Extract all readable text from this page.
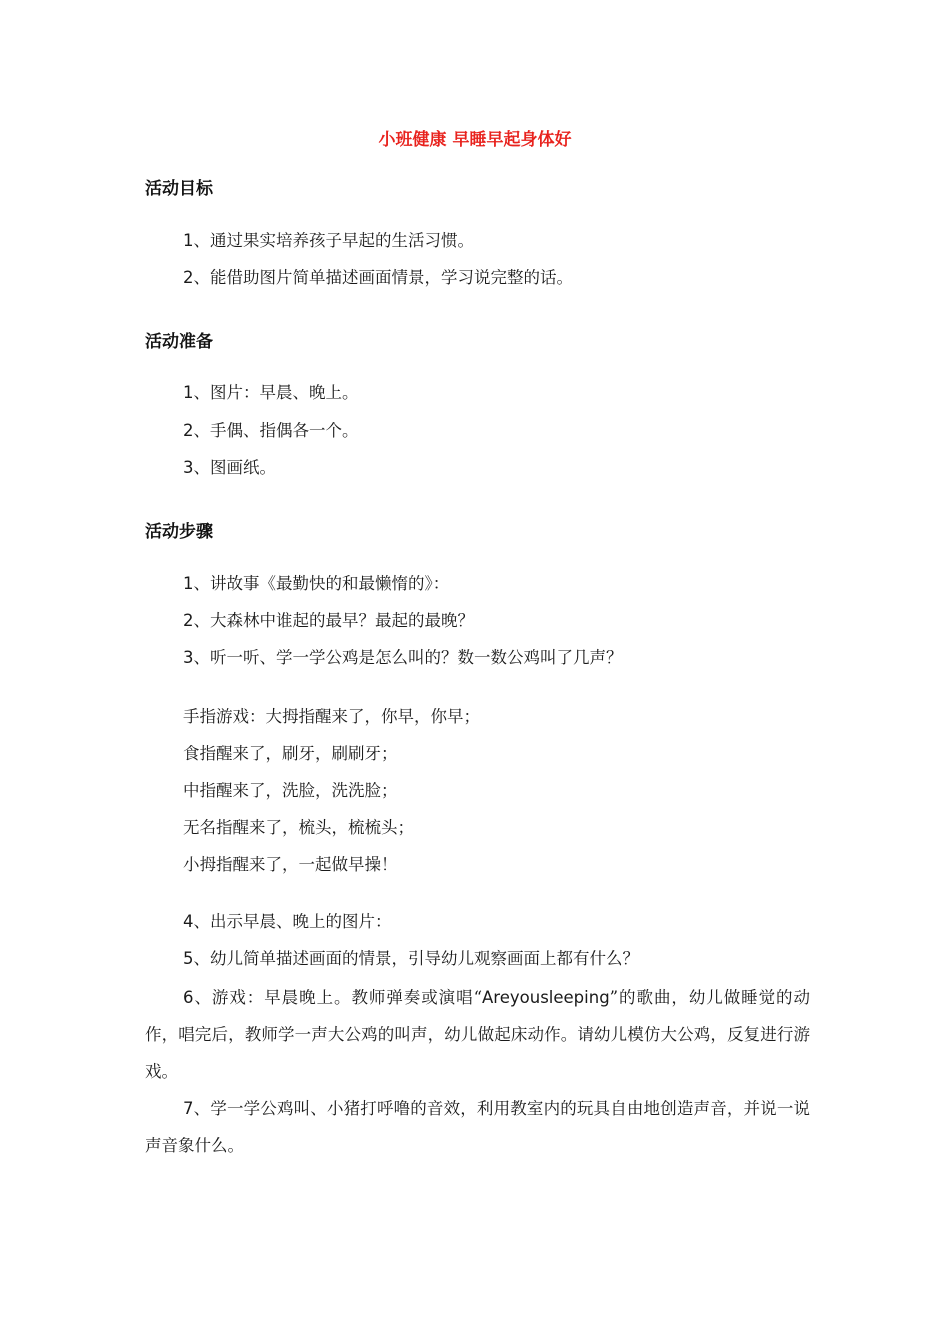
小班健康 早睡早起身体好
活动目标
1、通过果实培养孩子早起的生活习惯。
2、能借助图片简单描述画面情景，学习说完整的话。
活动准备
1、图片：早晨、晚上。
2、手偶、指偶各一个。
3、图画纸。
活动步骤
1、讲故事《最勤快的和最懒惰的》：
2、大森林中谁起的最早？最起的最晚？
3、听一听、学一学公鸡是怎么叫的？数一数公鸡叫了几声？
手指游戏：大拇指醒来了，你早，你早；
食指醒来了，刷牙，刷刷牙；
中指醒来了，洗脸，洗洗脸；
无名指醒来了，梳头，梳梳头；
小拇指醒来了，一起做早操！
4、出示早晨、晚上的图片：
5、幼儿简单描述画面的情景，引导幼儿观察画面上都有什么？
6、游戏：早晨晚上。教师弹奏或演唱“Areyousleeping”的歌曲，幼儿做睡觉的动作，唱完后，教师学一声大公鸡的叫声，幼儿做起床动作。请幼儿模仿大公鸡，反复进行游戏。
7、学一学公鸡叫、小猪打呼噜的音效，利用教室内的玩具自由地创造声音，并说一说声音象什么。
